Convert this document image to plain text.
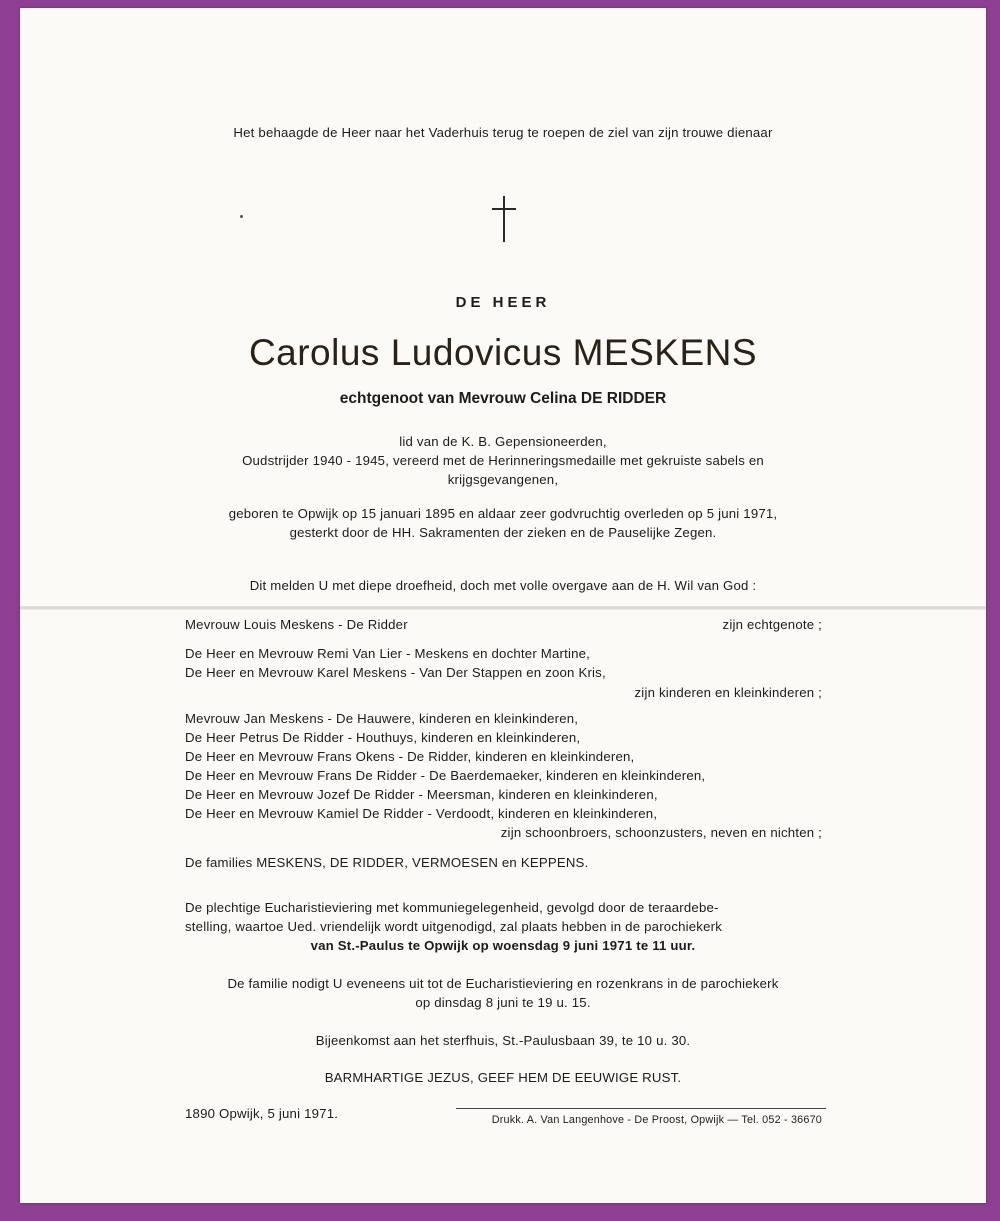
Het behaagde de Heer naar het Vaderhuis terug te roepen de ziel van zijn trouwe dienaar
DE HEER
Carolus Ludovicus MESKENS
echtgenoot van Mevrouw Celina DE RIDDER
lid van de K. B. Gepensioneerden,
Oudstrijder 1940 - 1945, vereerd met de Herinneringsmedaille met gekruiste sabels en
krijgsgevangenen,
geboren te Opwijk op 15 januari 1895 en aldaar zeer godvruchtig overleden op 5 juni 1971,
gesterkt door de HH. Sakramenten der zieken en de Pauselijke Zegen.
Dit melden U met diepe droefheid, doch met volle overgave aan de H. Wil van God :
Mevrouw Louis Meskens - De Ridder	zijn echtgenote ;
De Heer en Mevrouw Remi Van Lier - Meskens en dochter Martine,
De Heer en Mevrouw Karel Meskens - Van Der Stappen en zoon Kris,
zijn kinderen en kleinkinderen ;
Mevrouw Jan Meskens - De Hauwere, kinderen en kleinkinderen,
De Heer Petrus De Ridder - Houthuys, kinderen en kleinkinderen,
De Heer en Mevrouw Frans Okens - De Ridder, kinderen en kleinkinderen,
De Heer en Mevrouw Frans De Ridder - De Baerdemaeker, kinderen en kleinkinderen,
De Heer en Mevrouw Jozef De Ridder - Meersman, kinderen en kleinkinderen,
De Heer en Mevrouw Kamiel De Ridder - Verdoodt, kinderen en kleinkinderen,
zijn schoonbroers, schoonzusters, neven en nichten ;
De families MESKENS, DE RIDDER, VERMOESEN en KEPPENS.
De plechtige Eucharistieviering met kommuniegelegenheid, gevolgd door de teraardebe-
stelling, waartoe Ued. vriendelijk wordt uitgenodigd, zal plaats hebben in de parochiekerk
van St.-Paulus te Opwijk op woensdag 9 juni 1971 te 11 uur.
De familie nodigt U eveneens uit tot de Eucharistieviering en rozenkrans in de parochiekerk
op dinsdag 8 juni te 19 u. 15.
Bijeenkomst aan het sterfhuis, St.-Paulusbaan 39, te 10 u. 30.
BARMHARTIGE JEZUS, GEEF HEM DE EEUWIGE RUST.
1890 Opwijk, 5 juni 1971.	Drukk. A. Van Langenhove - De Proost, Opwijk — Tel. 052 - 36670
